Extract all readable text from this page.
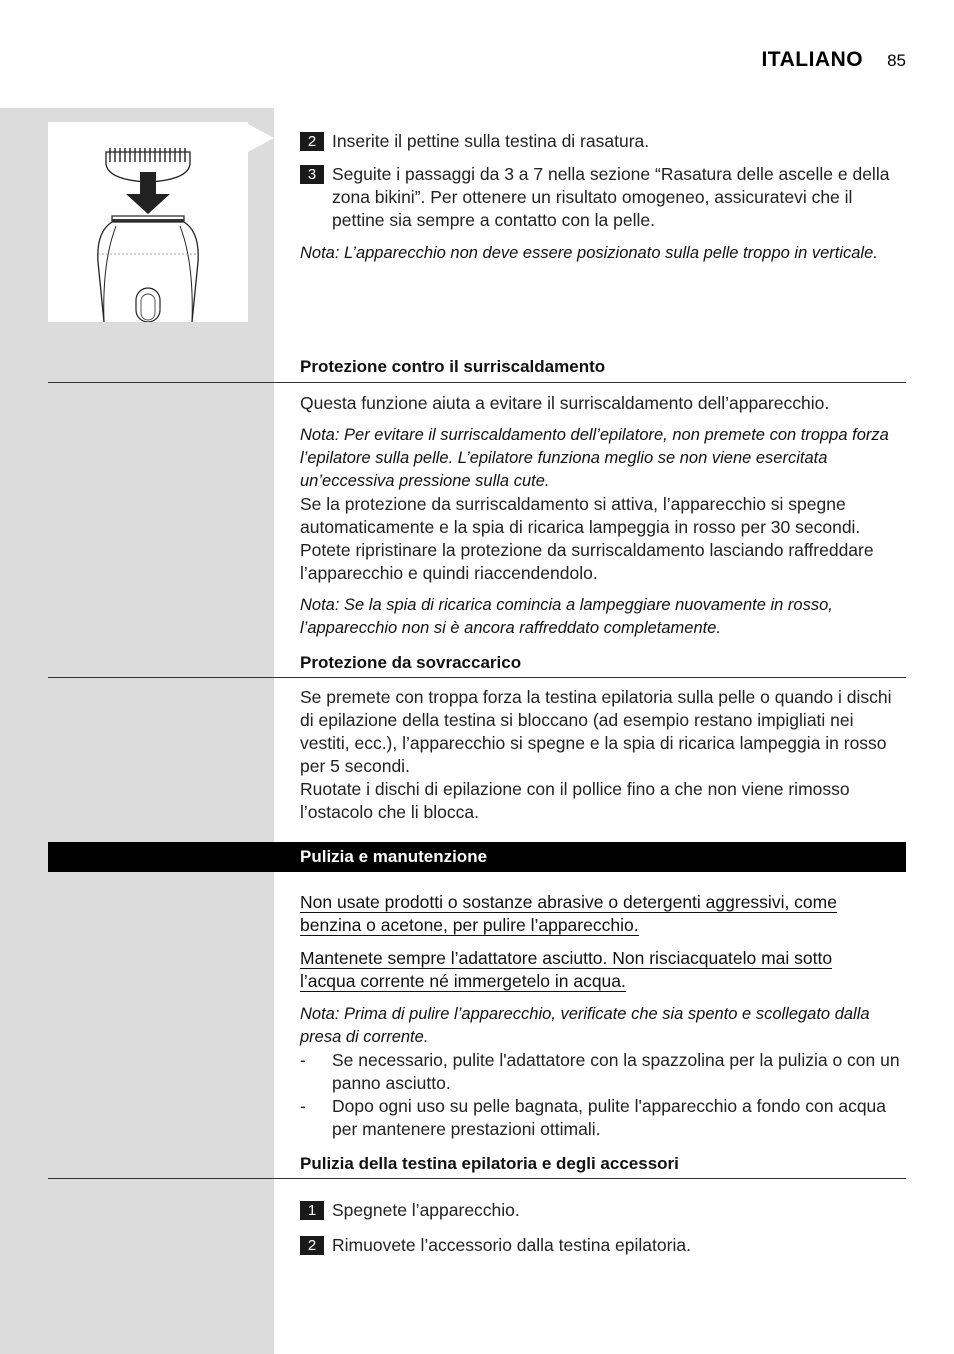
ITALIANO 85
2 Inserite il pettine sulla testina di rasatura.

3 Seguite i passaggi da 3 a 7 nella sezione “Rasatura delle ascelle e della zona bikini”. Per ottenere un risultato omogeneo, assicuratevi che il pettine sia sempre a contatto con la pelle.

Nota: L’apparecchio non deve essere posizionato sulla pelle troppo in verticale.

Protezione contro il surriscaldamento

Questa funzione aiuta a evitare il surriscaldamento dell’apparecchio.

Nota: Per evitare il surriscaldamento dell’epilatore, non premete con troppa forza l’epilatore sulla pelle. L’epilatore funziona meglio se non viene esercitata un’eccessiva pressione sulla cute.

Se la protezione da surriscaldamento si attiva, l’apparecchio si spegne automaticamente e la spia di ricarica lampeggia in rosso per 30 secondi. Potete ripristinare la protezione da surriscaldamento lasciando raffreddare l’apparecchio e quindi riaccendendolo.

Nota: Se la spia di ricarica comincia a lampeggiare nuovamente in rosso, l’apparecchio non si è ancora raffreddato completamente.

Protezione da sovraccarico

Se premete con troppa forza la testina epilatoria sulla pelle o quando i dischi di epilazione della testina si bloccano (ad esempio restano impigliati nei vestiti, ecc.), l’apparecchio si spegne e la spia di ricarica lampeggia in rosso per 5 secondi.

Ruotate i dischi di epilazione con il pollice fino a che non viene rimosso l’ostacolo che li blocca.

Pulizia e manutenzione

Non usate prodotti o sostanze abrasive o detergenti aggressivi, come benzina o acetone, per pulire l’apparecchio.

Mantenete sempre l’adattatore asciutto. Non risciacquatelo mai sotto l’acqua corrente né immergetelo in acqua.

Nota: Prima di pulire l’apparecchio, verificate che sia spento e scollegato dalla presa di corrente.

-	Se necessario, pulite l'adattatore con la spazzolina per la pulizia o con un panno asciutto.

-	Dopo ogni uso su pelle bagnata, pulite l'apparecchio a fondo con acqua per mantenere prestazioni ottimali.

Pulizia della testina epilatoria e degli accessori
1 Spegnete l’apparecchio.

2 Rimuovete l’accessorio dalla testina epilatoria.
